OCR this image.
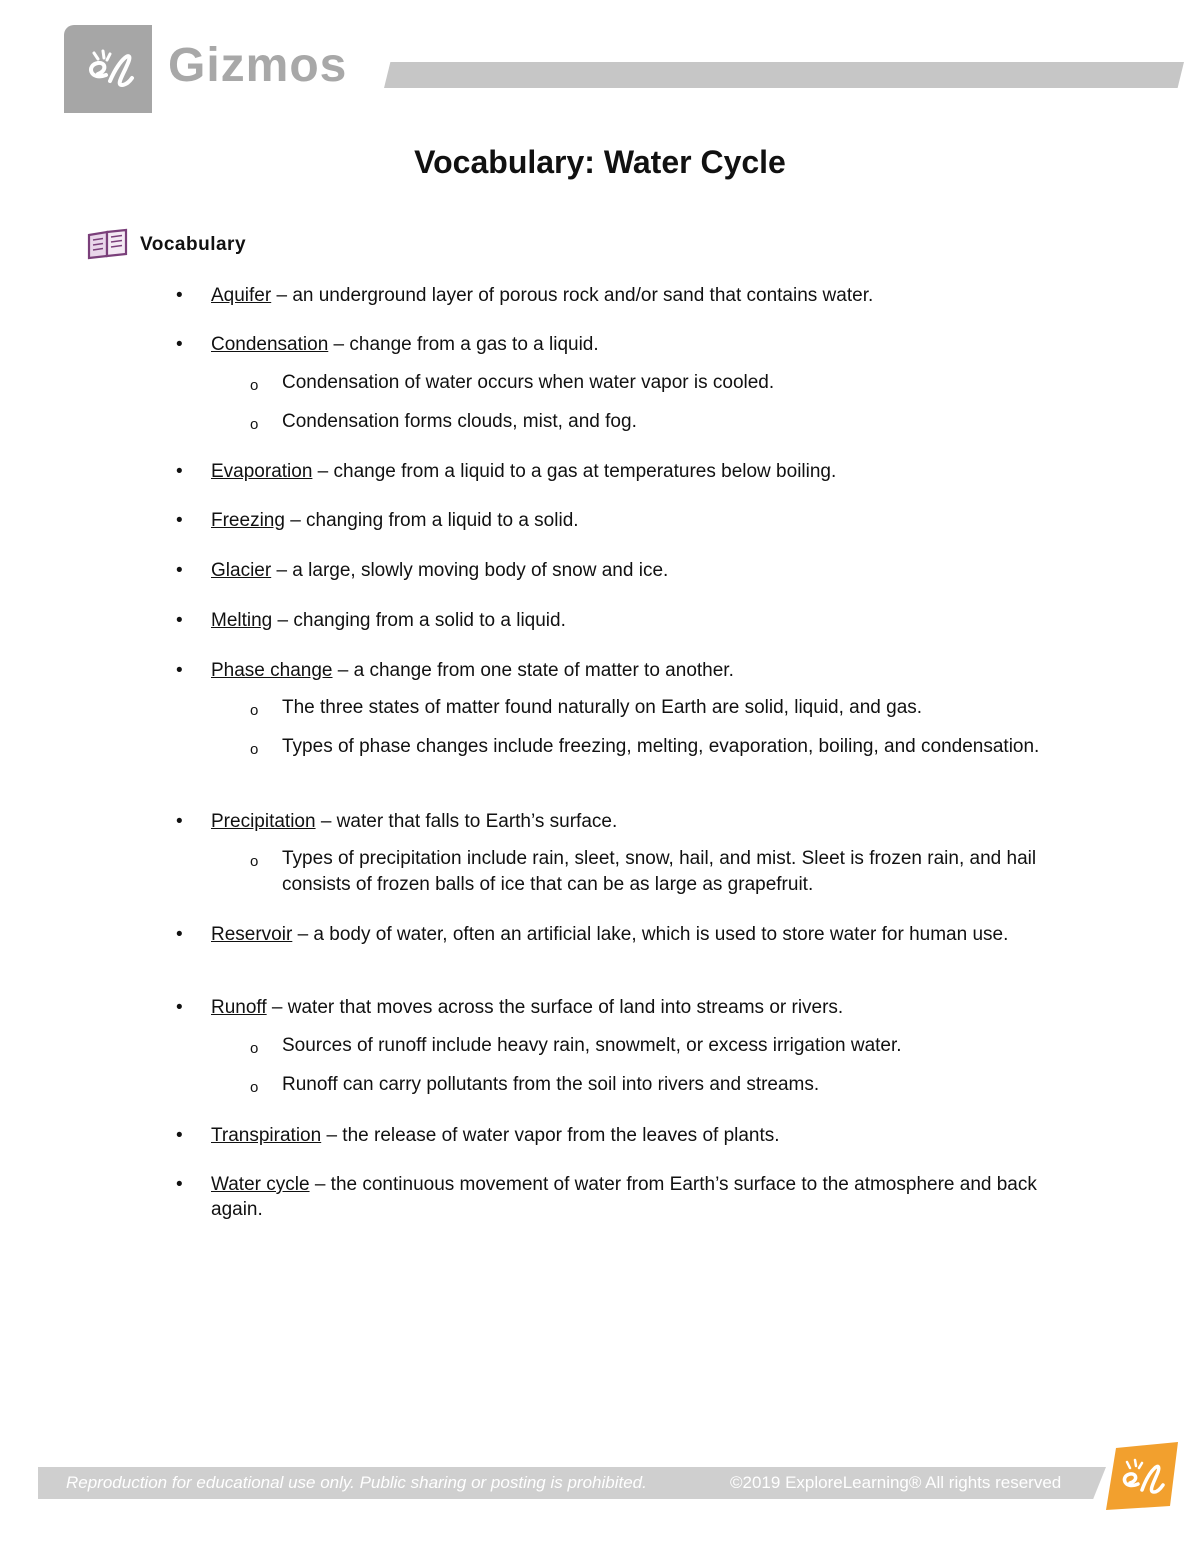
Gizmos
Vocabulary: Water Cycle
Vocabulary
• Aquifer – an underground layer of porous rock and/or sand that contains water.
• Condensation – change from a gas to a liquid.
o Condensation of water occurs when water vapor is cooled.
o Condensation forms clouds, mist, and fog.
• Evaporation – change from a liquid to a gas at temperatures below boiling.
• Freezing – changing from a liquid to a solid.
• Glacier – a large, slowly moving body of snow and ice.
• Melting – changing from a solid to a liquid.
• Phase change – a change from one state of matter to another.
o The three states of matter found naturally on Earth are solid, liquid, and gas.
o Types of phase changes include freezing, melting, evaporation, boiling, and condensation.
• Precipitation – water that falls to Earth’s surface.
o Types of precipitation include rain, sleet, snow, hail, and mist. Sleet is frozen rain, and hail consists of frozen balls of ice that can be as large as grapefruit.
• Reservoir – a body of water, often an artificial lake, which is used to store water for human use.
• Runoff – water that moves across the surface of land into streams or rivers.
o Sources of runoff include heavy rain, snowmelt, or excess irrigation water.
o Runoff can carry pollutants from the soil into rivers and streams.
• Transpiration – the release of water vapor from the leaves of plants.
• Water cycle – the continuous movement of water from Earth’s surface to the atmosphere and back again.
Reproduction for educational use only. Public sharing or posting is prohibited.	©2019 ExploreLearning® All rights reserved
